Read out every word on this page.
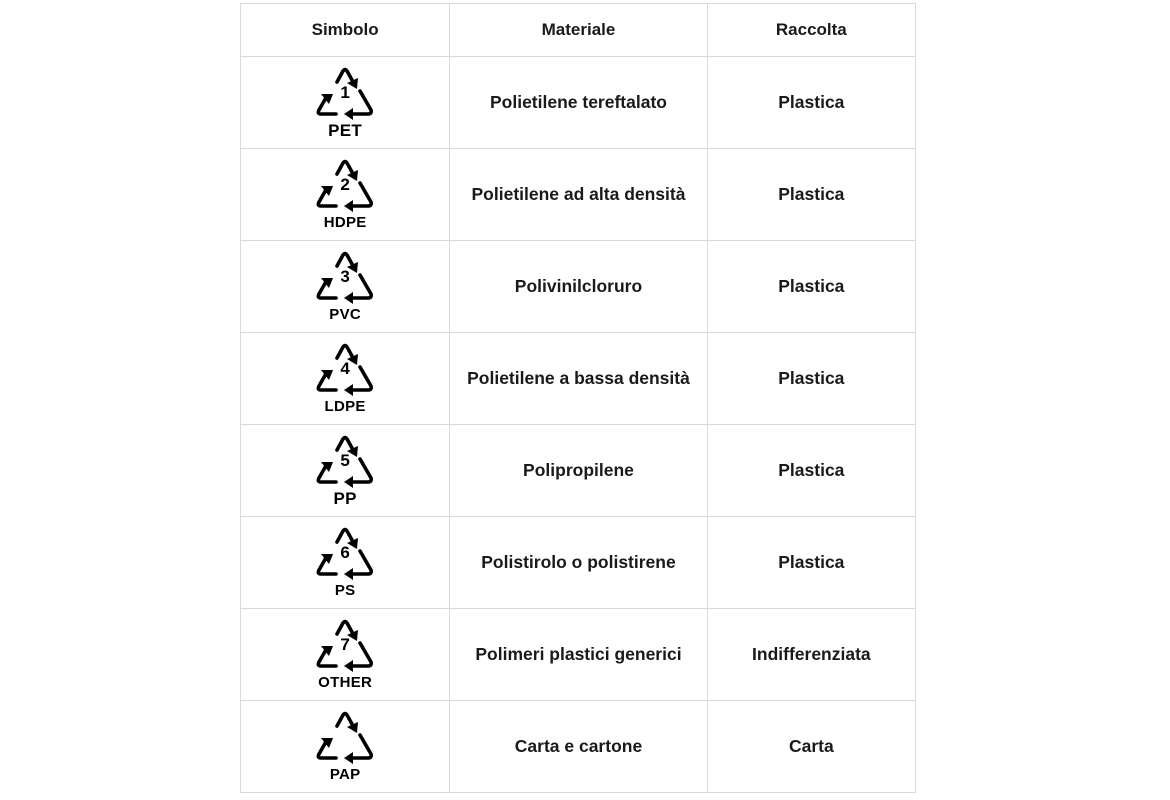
Simbolo	Materiale	Raccolta

1
PET	Polietilene tereftalato	Plastica

2
HDPE	Polietilene ad alta densità	Plastica

3
PVC	Polivinilcloruro	Plastica

4
LDPE	Polietilene a bassa densità	Plastica

5
PP	Polipropilene	Plastica

6
PS	Polistirolo o polistirene	Plastica

7
OTHER	Polimeri plastici generici	Indifferenziata

PAP	Carta e cartone	Carta
